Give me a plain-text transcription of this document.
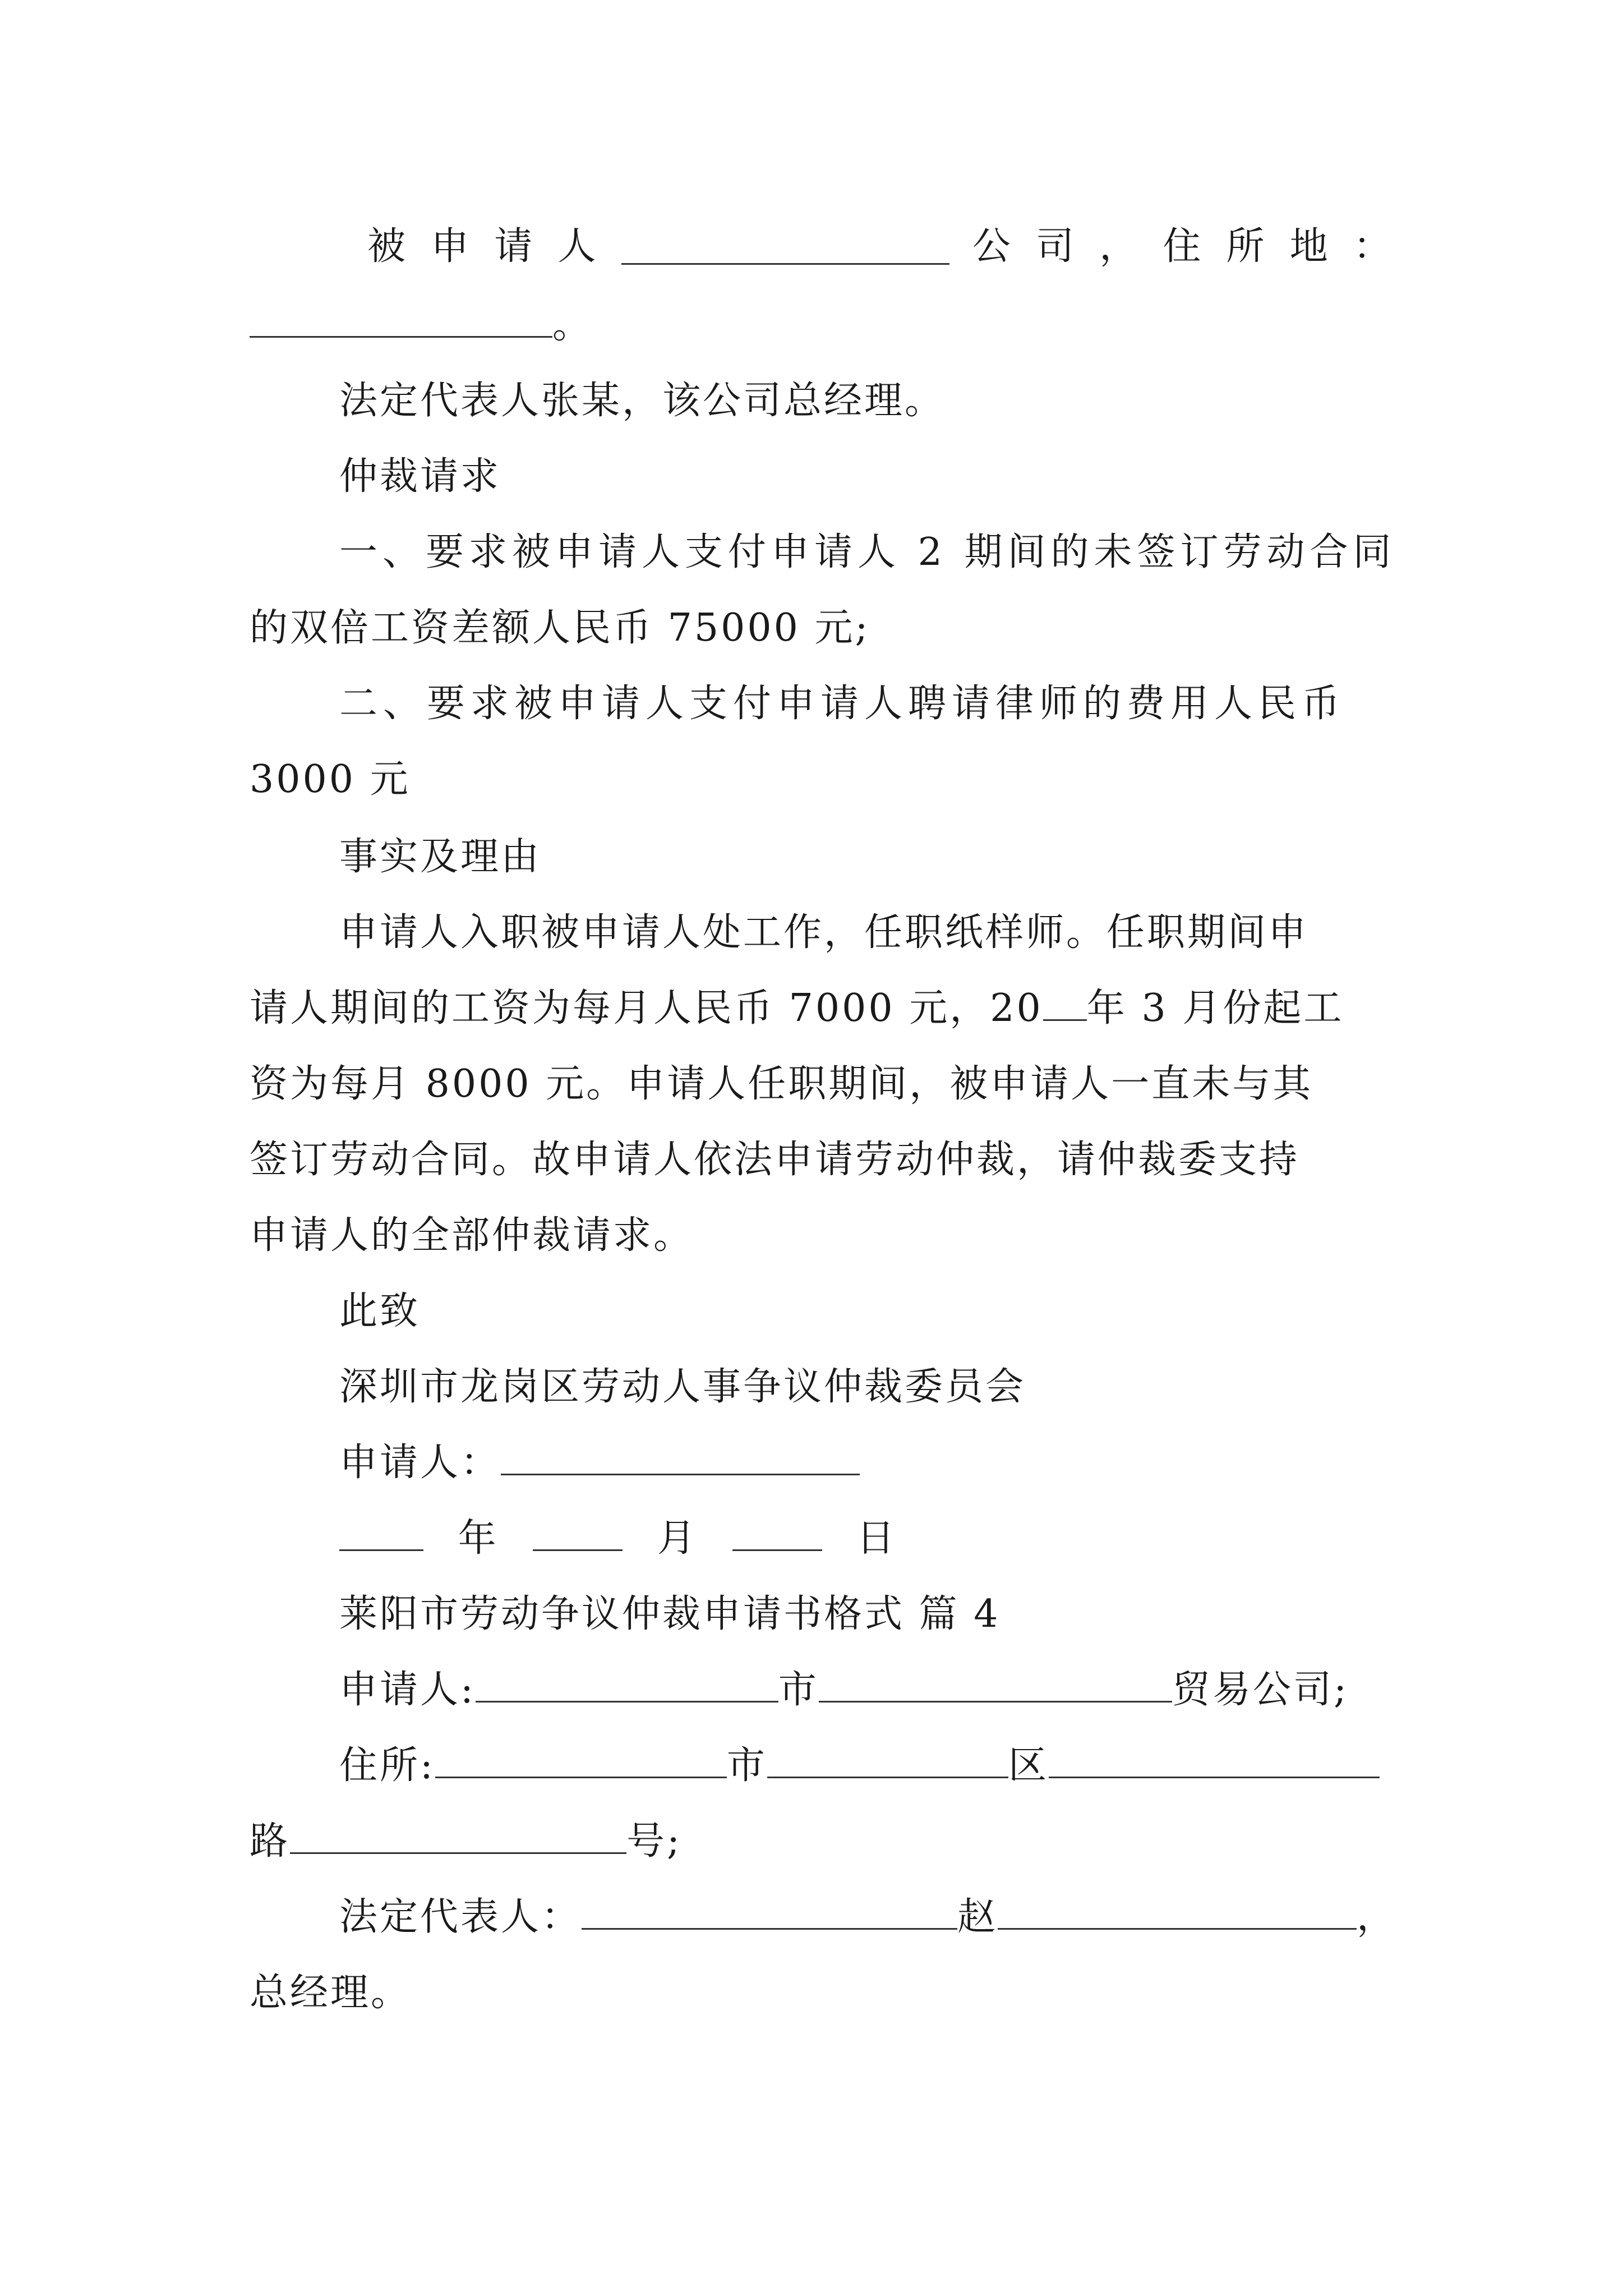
被 申 请 人	公 司 ， 住 所 地 ：
。
法定代表人张某，该公司总经理。
仲裁请求
一、要求被申请人支付申请人 2 期间的未签订劳动合同
的双倍工资差额人民币 75000 元;
二、要求被申请人支付申请人聘请律师的费用人民币
3000 元
事实及理由
申请人入职被申请人处工作，任职纸样师。任职期间申
请人期间的工资为每月人民币 7000 元，20 年 3 月份起工
资为每月 8000 元。申请人任职期间，被申请人一直未与其
签订劳动合同。故申请人依法申请劳动仲裁，请仲裁委支持
申请人的全部仲裁请求。
此致
深圳市龙岗区劳动人事争议仲裁委员会
申请人：
年	月	日
莱阳市劳动争议仲裁申请书格式 篇 4
申请人:	市	贸易公司;
住所:	市	区
路	号;
法定代表人：	赵	，
总经理。
